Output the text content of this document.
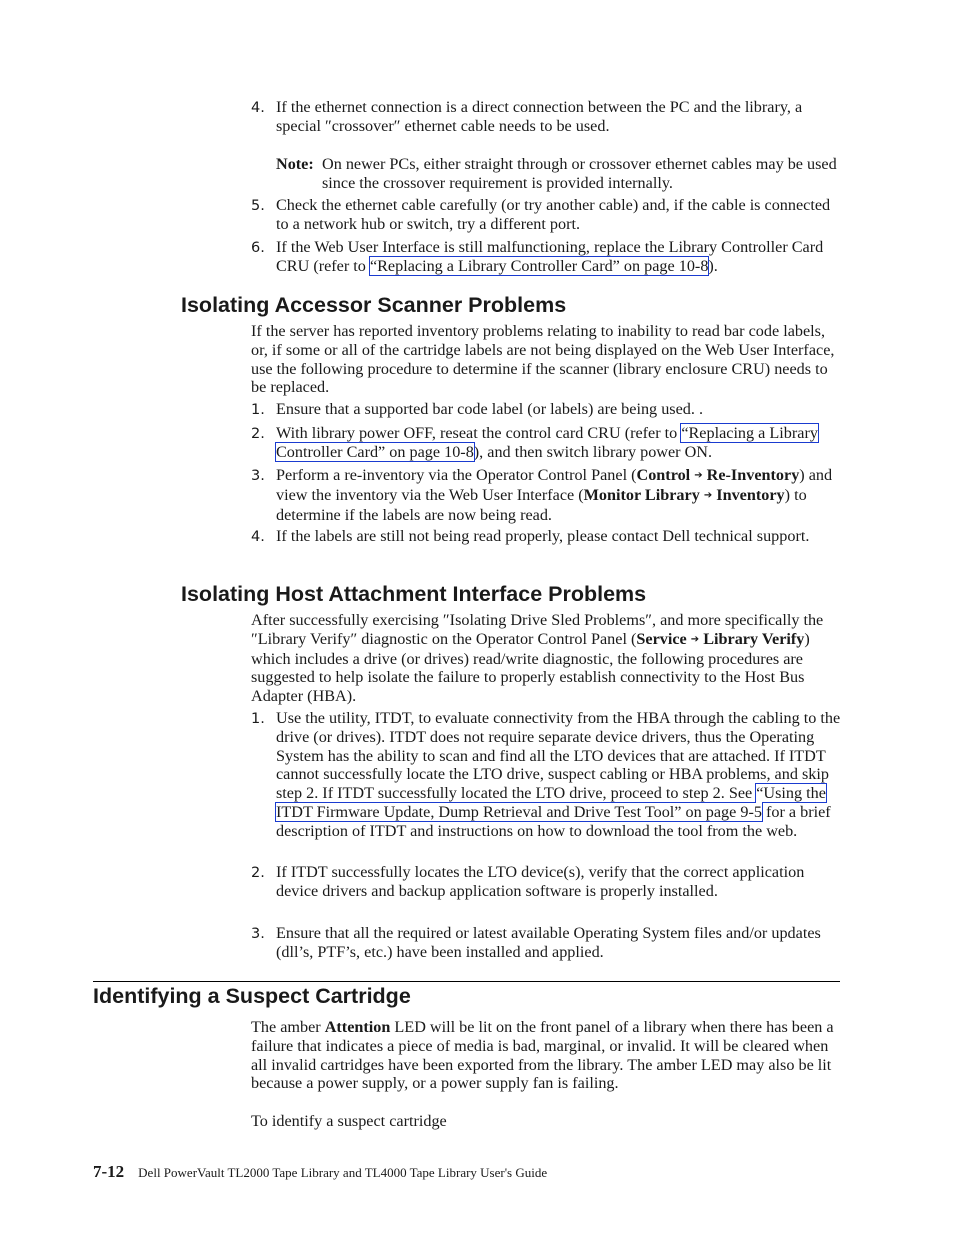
4. If the ethernet connection is a direct connection between the PC and the library, a special ″crossover″ ethernet cable needs to be used.
Note: On newer PCs, either straight through or crossover ethernet cables may be used since the crossover requirement is provided internally.
5. Check the ethernet cable carefully (or try another cable) and, if the cable is connected to a network hub or switch, try a different port.
6. If the Web User Interface is still malfunctioning, replace the Library Controller Card CRU (refer to “Replacing a Library Controller Card” on page 10-8).
Isolating Accessor Scanner Problems
If the server has reported inventory problems relating to inability to read bar code labels, or, if some or all of the cartridge labels are not being displayed on the Web User Interface, use the following procedure to determine if the scanner (library enclosure CRU) needs to be replaced.
1. Ensure that a supported bar code label (or labels) are being used. .
2. With library power OFF, reseat the control card CRU (refer to “Replacing a Library Controller Card” on page 10-8), and then switch library power ON.
3. Perform a re-inventory via the Operator Control Panel (Control ➔ Re-Inventory) and view the inventory via the Web User Interface (Monitor Library ➔ Inventory) to determine if the labels are now being read.
4. If the labels are still not being read properly, please contact Dell technical support.
Isolating Host Attachment Interface Problems
After successfully exercising ″Isolating Drive Sled Problems″, and more specifically the ″Library Verify″ diagnostic on the Operator Control Panel (Service ➔ Library Verify) which includes a drive (or drives) read/write diagnostic, the following procedures are suggested to help isolate the failure to properly establish connectivity to the Host Bus Adapter (HBA).
1. Use the utility, ITDT, to evaluate connectivity from the HBA through the cabling to the drive (or drives). ITDT does not require separate device drivers, thus the Operating System has the ability to scan and find all the LTO devices that are attached. If ITDT cannot successfully locate the LTO drive, suspect cabling or HBA problems, and skip step 2. If ITDT successfully located the LTO drive, proceed to step 2. See “Using the ITDT Firmware Update, Dump Retrieval and Drive Test Tool” on page 9-5 for a brief description of ITDT and instructions on how to download the tool from the web.
2. If ITDT successfully locates the LTO device(s), verify that the correct application device drivers and backup application software is properly installed.
3. Ensure that all the required or latest available Operating System files and/or updates (dll’s, PTF’s, etc.) have been installed and applied.
Identifying a Suspect Cartridge
The amber Attention LED will be lit on the front panel of a library when there has been a failure that indicates a piece of media is bad, marginal, or invalid. It will be cleared when all invalid cartridges have been exported from the library. The amber LED may also be lit because a power supply, or a power supply fan is failing.
To identify a suspect cartridge
7-12 Dell PowerVault TL2000 Tape Library and TL4000 Tape Library User's Guide
